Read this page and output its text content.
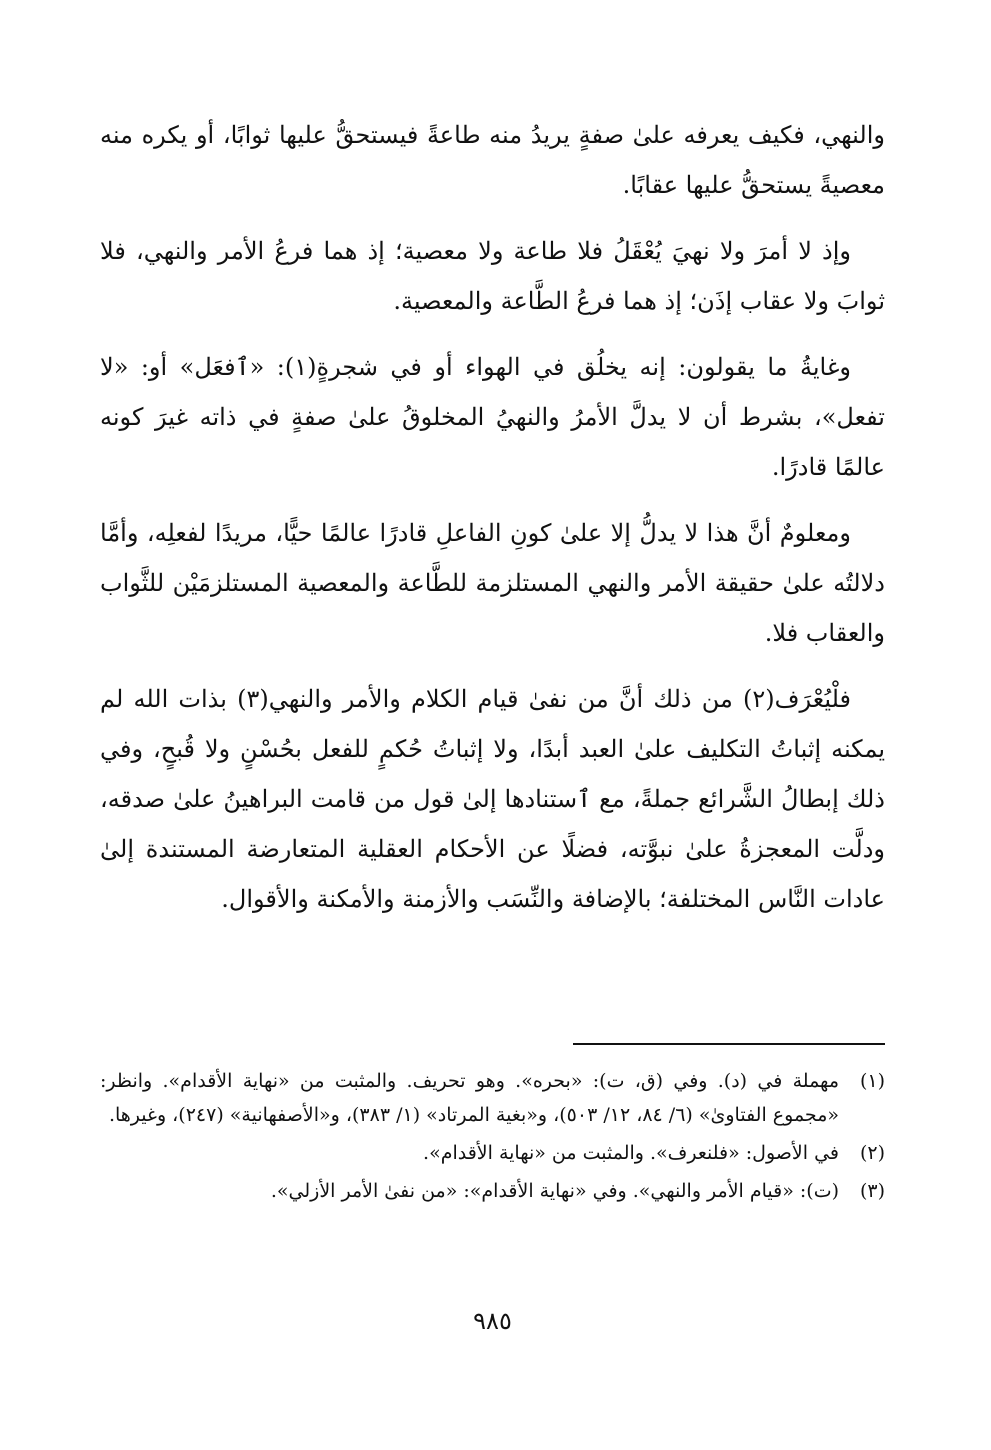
والنهي، فكيف يعرفه علىٰ صفةٍ يريدُ منه طاعةً فيستحقُّ عليها ثوابًا، أو يكره منه معصيةً يستحقُّ عليها عقابًا.

وإذ لا أمرَ ولا نهيَ يُعْقَلُ فلا طاعة ولا معصية؛ إذ هما فرعُ الأمر والنهي، فلا ثوابَ ولا عقاب إذَن؛ إذ هما فرعُ الطَّاعة والمعصية.

وغايةُ ما يقولون: إنه يخلُق في الهواء أو في شجرةٍ(١): «ٱفعَل» أو: «لا تفعل»، بشرط أن لا يدلَّ الأمرُ والنهيُ المخلوقُ علىٰ صفةٍ في ذاته غيرَ كونه عالمًا قادرًا.

ومعلومٌ أنَّ هذا لا يدلُّ إلا علىٰ كونِ الفاعلِ قادرًا عالمًا حيًّا، مريدًا لفعلِه، وأمَّا دلالتُه علىٰ حقيقة الأمر والنهي المستلزمة للطَّاعة والمعصية المستلزمَيْن للثَّواب والعقاب فلا.

فلْيُعْرَف(٢) من ذلك أنَّ من نفىٰ قيام الكلام والأمر والنهي(٣) بذات الله لم يمكنه إثباتُ التكليف علىٰ العبد أبدًا، ولا إثباتُ حُكمٍ للفعل بحُسْنٍ ولا قُبحٍ، وفي ذلك إبطالُ الشَّرائع جملةً، مع ٱستنادها إلىٰ قول من قامت البراهينُ علىٰ صدقه، ودلَّت المعجزةُ علىٰ نبوَّته، فضلًا عن الأحكام العقلية المتعارضة المستندة إلىٰ عادات النَّاس المختلفة؛ بالإضافة والنِّسَب والأزمنة والأمكنة والأقوال.

(١)
مهملة في (د). وفي (ق، ت): «بحره». وهو تحريف. والمثبت من «نهاية الأقدام». وانظر: «مجموع الفتاوىٰ» (٦/ ٨٤، ١٢/ ٥٠٣)، و«بغية المرتاد» (١/ ٣٨٣)، و«الأصفهانية» (٢٤٧)، وغيرها.
(٢)
في الأصول: «فلنعرف». والمثبت من «نهاية الأقدام».
(٣)
(ت): «قيام الأمر والنهي». وفي «نهاية الأقدام»: «من نفىٰ الأمر الأزلي».
٩٨٥
